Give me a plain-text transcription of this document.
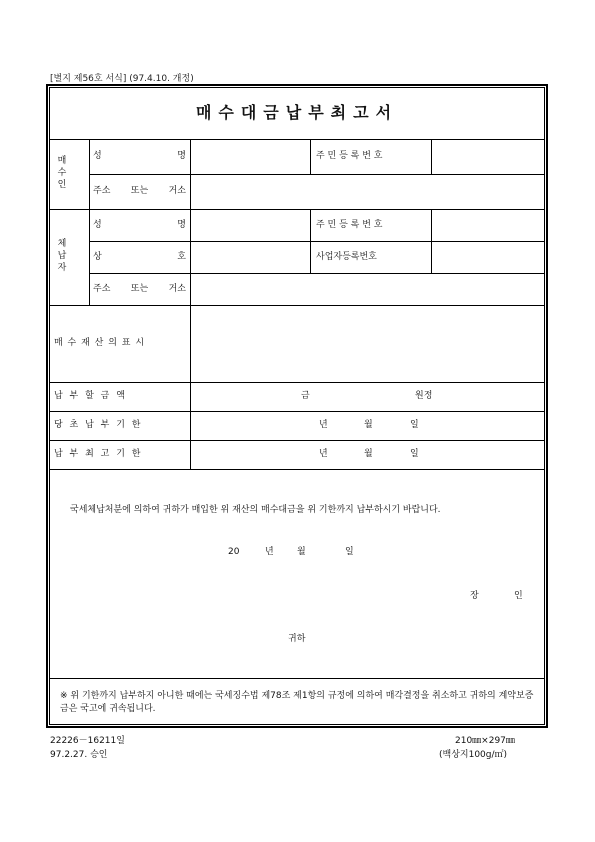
[별지 제56호 서식] (97.4.10. 개정)
매수대금납부최고서
매
수
인
성	명	주 민 등 록 번 호
주소 또는 거소
체
납
자
성	명	주 민 등 록 번 호
상	호	사업자등록번호
주소 또는 거소
매 수 재 산 의 표 시
납 부 할 금 액	금	원정
당 초 납 부 기 한	년	월	일
납 부 최 고 기 한	년	월	일
국세체납처분에 의하여 귀하가 매입한 위 재산의 매수대금을 위 기한까지 납부하시기 바랍니다.
20	년	월	일
장	인
귀하
※ 위 기한까지 납부하지 아니한 때에는 국세징수법 제78조 제1항의 규정에 의하여 매각결정을 취소하고 귀하의 계약보증금은 국고에 귀속됩니다.
22226－16211일
97.2.27. 승인
210㎜×297㎜
(백상지100g/㎡)
